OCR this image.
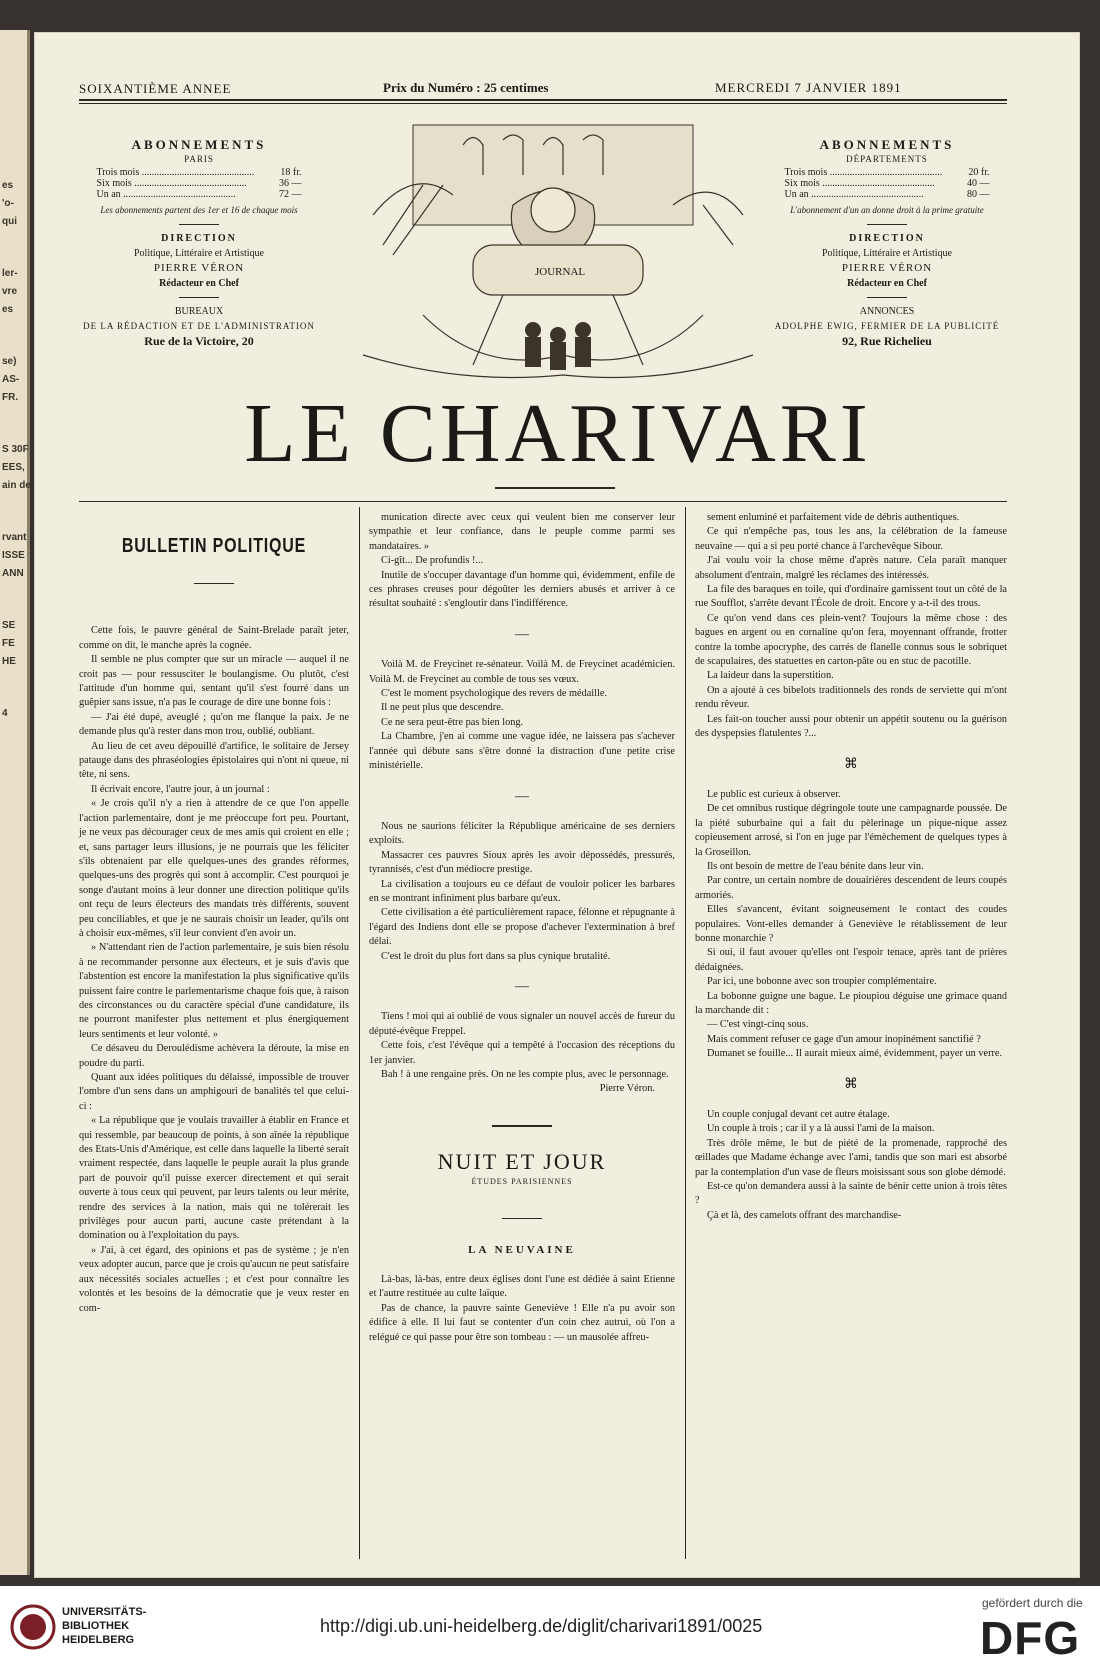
es
'o-
qui
ler-
vre
es
se)
AS-
FR.
S 30F
EES,
ain de
rvant
ISSE
ANN
SE
FE
HE
4
SOIXANTIÈME ANNEE	Prix du Numéro : 25 centimes	MERCREDI 7 JANVIER 1891
ABONNEMENTS
PARIS
Trois mois .....	18 fr.
Six mois .....	36 —
Un an .....	72 —
Les abonnements partent des 1er et 16 de chaque mois
DIRECTION
Politique, Littéraire et Artistique
PIERRE VÉRON
Rédacteur en Chef
BUREAUX
DE LA RÉDACTION ET DE L'ADMINISTRATION
Rue de la Victoire, 20
JOURNAL
ABONNEMENTS
DÉPARTEMENTS
Trois mois .....	20 fr.
Six mois .....	40 —
Un an .....	80 —
L'abonnement d'un an donne droit à la prime gratuite
DIRECTION
Politique, Littéraire et Artistique
PIERRE VÉRON
Rédacteur en Chef
ANNONCES
ADOLPHE EWIG, FERMIER DE LA PUBLICITÉ
92, Rue Richelieu
LE CHARIVARI
BULLETIN POLITIQUE

Cette fois, le pauvre général de Saint-Brelade paraît jeter, comme on dit, le manche après la cognée.

Il semble ne plus compter que sur un miracle — auquel il ne croit pas — pour ressusciter le boulangisme. Ou plutôt, c'est l'attitude d'un homme qui, sentant qu'il s'est fourré dans un guêpier sans issue, n'a pas le courage de dire une bonne fois :

— J'ai été dupé, aveuglé ; qu'on me flanque la paix. Je ne demande plus qu'à rester dans mon trou, oublié, oubliant.

Au lieu de cet aveu dépouillé d'artifice, le solitaire de Jersey patauge dans des phraséologies épistolaires qui n'ont ni queue, ni tête, ni sens.

Il écrivait encore, l'autre jour, à un journal :

« Je crois qu'il n'y a rien à attendre de ce que l'on appelle l'action parlementaire, dont je me préoccupe fort peu. Pourtant, je ne veux pas décourager ceux de mes amis qui croient en elle ; et, sans partager leurs illusions, je ne pourrais que les féliciter s'ils obtenaient par elle quelques-unes des grandes réformes, quelques-uns des progrès qui sont à accomplir. C'est pourquoi je songe d'autant moins à leur donner une direction politique qu'ils ont reçu de leurs électeurs des mandats très différents, souvent peu conciliables, et que je ne saurais choisir un leader, qu'ils ont à choisir eux-mêmes, s'il leur convient d'en avoir un.

» N'attendant rien de l'action parlementaire, je suis bien résolu à ne recommander personne aux électeurs, et je suis d'avis que l'abstention est encore la manifestation la plus significative qu'ils puissent faire contre le parlementarisme chaque fois que, à raison des circonstances ou du caractère spécial d'une candidature, ils ne pourront manifester plus nettement et plus énergiquement leurs sentiments et leur volonté. »

Ce désaveu du Deroulédisme achèvera la déroute, la mise en poudre du parti.

Quant aux idées politiques du délaissé, impossible de trouver l'ombre d'un sens dans un amphigouri de banalités tel que celui-ci :

« La république que je voulais travailler à établir en France et qui ressemble, par beaucoup de points, à son aînée la république des Etats-Unis d'Amérique, est celle dans laquelle la liberté serait vraiment respectée, dans laquelle le peuple aurait la plus grande part de pouvoir qu'il puisse exercer directement et qui serait ouverte à tous ceux qui peuvent, par leurs talents ou leur mérite, rendre des services à la nation, mais qui ne tolérerait les privilèges pour aucun parti, aucune caste prétendant à la domination ou à l'exploitation du pays.

» J'ai, à cet égard, des opinions et pas de système ; je n'en veux adopter aucun, parce que je crois qu'aucun ne peut satisfaire aux nécessités sociales actuelles ; et c'est pour connaître les volontés et les besoins de la démocratie que je veux rester en com-

munication directe avec ceux qui veulent bien me conserver leur sympathie et leur confiance, dans le peuple comme parmi ses mandataires. »

Ci-gît... De profundis !...

Inutile de s'occuper davantage d'un homme qui, évidemment, enfile de ces phrases creuses pour dégoûter les derniers abusés et arriver à ce résultat souhaité : s'engloutir dans l'indifférence.

—

Voilà M. de Freycinet re-sénateur. Voilà M. de Freycinet académicien. Voilà M. de Freycinet au comble de tous ses vœux.

C'est le moment psychologique des revers de médaille.

Il ne peut plus que descendre.

Ce ne sera peut-être pas bien long.

La Chambre, j'en ai comme une vague idée, ne laissera pas s'achever l'année qui débute sans s'être donné la distraction d'une petite crise ministérielle.

—

Nous ne saurions féliciter la République américaine de ses derniers exploits.

Massacrer ces pauvres Sioux après les avoir dépossédés, pressurés, tyrannisés, c'est d'un médiocre prestige.

La civilisation a toujours eu ce défaut de vouloir policer les barbares en se montrant infiniment plus barbare qu'eux.

Cette civilisation a été particulièrement rapace, félonne et répugnante à l'égard des Indiens dont elle se propose d'achever l'extermination à bref délai.

C'est le droit du plus fort dans sa plus cynique brutalité.

—

Tiens ! moi qui ai oublié de vous signaler un nouvel accès de fureur du député-évêque Freppel.

Cette fois, c'est l'évêque qui a tempêté à l'occasion des réceptions du 1er janvier.

Bah ! à une rengaine près. On ne les compte plus, avec le personnage.

Pierre Véron.
NUIT ET JOUR
ÉTUDES PARISIENNES
LA NEUVAINE

Là-bas, là-bas, entre deux églises dont l'une est dédiée à saint Etienne et l'autre restituée au culte laïque.

Pas de chance, la pauvre sainte Geneviève ! Elle n'a pu avoir son édifice à elle. Il lui faut se contenter d'un coin chez autrui, où l'on a relégué ce qui passe pour être son tombeau : — un mausolée affreu-

sement enluminé et parfaitement vide de débris authentiques.

Ce qui n'empêche pas, tous les ans, la célébration de la fameuse neuvaine — qui a si peu porté chance à l'archevêque Sibour.

J'ai voulu voir la chose même d'après nature. Cela paraît manquer absolument d'entrain, malgré les réclames des intéressés.

La file des baraques en toile, qui d'ordinaire garnissent tout un côté de la rue Soufflot, s'arrête devant l'École de droit. Encore y a-t-il des trous.

Ce qu'on vend dans ces plein-vent? Toujours la même chose : des bagues en argent ou en cornaline qu'on fera, moyennant offrande, frotter contre la tombe apocryphe, des carrés de flanelle connus sous le sobriquet de scapulaires, des statuettes en carton-pâte ou en stuc de pacotille.

La laideur dans la superstition.

On a ajouté à ces bibelots traditionnels des ronds de serviette qui m'ont rendu rêveur.

Les fait-on toucher aussi pour obtenir un appétit soutenu ou la guérison des dyspepsies flatulentes ?...

⌘

Le public est curieux à observer.

De cet omnibus rustique dégringole toute une campagnarde poussée. De la piété suburbaine qui a fait du pèlerinage un pique-nique assez copieusement arrosé, si l'on en juge par l'émèchement de quelques types à la Groseillon.

Ils ont besoin de mettre de l'eau bénite dans leur vin.

Par contre, un certain nombre de douairières descendent de leurs coupés armoriés.

Elles s'avancent, évitant soigneusement le contact des coudes populaires. Vont-elles demander à Geneviève le rétablissement de leur bonne monarchie ?

Si oui, il faut avouer qu'elles ont l'espoir tenace, après tant de prières dédaignées.

Par ici, une bobonne avec son troupier complémentaire.

La bobonne guigne une bague. Le pioupiou déguise une grimace quand la marchande dit :

— C'est vingt-cinq sous.

Mais comment refuser ce gage d'un amour inopinément sanctifié ?

Dumanet se fouille... Il aurait mieux aimé, évidemment, payer un verre.

⌘

Un couple conjugal devant cet autre étalage.

Un couple à trois ; car il y a là aussi l'ami de la maison.

Très drôle même, le but de piété de la promenade, rapproché des œillades que Madame échange avec l'ami, tandis que son mari est absorbé par la contemplation d'un vase de fleurs moisissant sous son globe démodé.

Est-ce qu'on demandera aussi à la sainte de bénir cette union à trois têtes ?

Çà et là, des camelots offrant des marchandise-

UNIVERSITÄTS-
BIBLIOTHEK
HEIDELBERG
http://digi.ub.uni-heidelberg.de/diglit/charivari1891/0025
gefördert durch die
DFG
